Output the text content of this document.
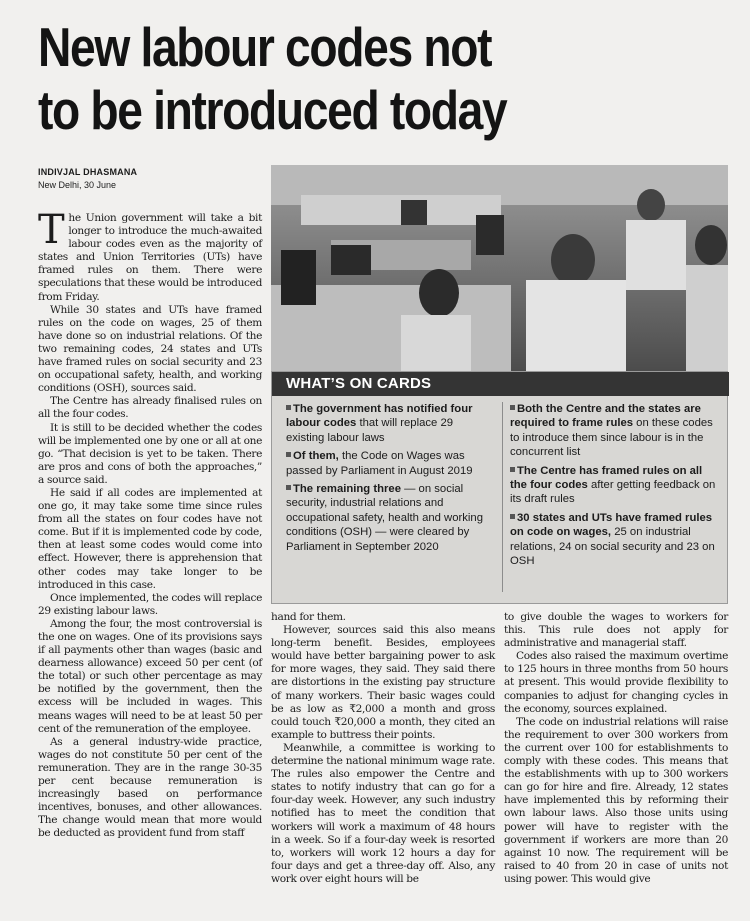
New labour codes not
to be introduced today
INDIVJAL DHASMANA
New Delhi, 30 June

The Union government will take a bit longer to introduce the much-awaited labour codes even as the majority of states and Union Territories (UTs) have framed rules on them. There were speculations that these would be introduced from Friday.

While 30 states and UTs have framed rules on the code on wages, 25 of them have done so on industrial relations. Of the two remaining codes, 24 states and UTs have framed rules on social security and 23 on occupational safety, health, and working conditions (OSH), sources said.

The Centre has already finalised rules on all the four codes.

It is still to be decided whether the codes will be implemented one by one or all at one go. “That decision is yet to be taken. There are pros and cons of both the approaches,” a source said.

He said if all codes are implemented at one go, it may take some time since rules from all the states on four codes have not come. But if it is implemented code by code, then at least some codes would come into effect. However, there is apprehension that other codes may take longer to be introduced in this case.

Once implemented, the codes will replace 29 existing labour laws.

Among the four, the most controversial is the one on wages. One of its provisions says if all payments other than wages (basic and dearness allowance) exceed 50 per cent (of the total) or such other percentage as may be notified by the government, then the excess will be included in wages. This means wages will need to be at least 50 per cent of the remuneration of the employee.

As a general industry-wide practice, wages do not constitute 50 per cent of the remuneration. They are in the range 30-35 per cent because remuneration is increasingly based on performance incentives, bonuses, and other allowances. The change would mean that more would be deducted as provident fund from staff

WHAT’S ON CARDS
The government has notified four labour codes that will replace 29 existing labour laws
Of them, the Code on Wages was passed by Parliament in August 2019
The remaining three — on social security, industrial relations and occupational safety, health and working conditions (OSH) — were cleared by Parliament in September 2020
Both the Centre and the states are required to frame rules on these codes to introduce them since labour is in the concurrent list
The Centre has framed rules on all the four codes after getting feedback on its draft rules
30 states and UTs have framed rules on code on wages, 25 on industrial relations, 24 on social security and 23 on OSH

hand for them.

However, sources said this also means long-term benefit. Besides, employees would have better bargaining power to ask for more wages, they said. They said there are distortions in the existing pay structure of many workers. Their basic wages could be as low as ₹2,000 a month and gross could touch ₹20,000 a month, they cited an example to buttress their points.

Meanwhile, a committee is working to determine the national minimum wage rate. The rules also empower the Centre and states to notify industry that can go for a four-day week. However, any such industry notified has to meet the condition that workers will work a maximum of 48 hours in a week. So if a four-day week is resorted to, workers will work 12 hours a day for four days and get a three-day off. Also, any work over eight hours will be

to give double the wages to workers for this. This rule does not apply for administrative and managerial staff.

Codes also raised the maximum overtime to 125 hours in three months from 50 hours at present. This would provide flexibility to companies to adjust for changing cycles in the economy, sources explained.

The code on industrial relations will raise the requirement to over 300 workers from the current over 100 for establishments to comply with these codes. This means that the establishments with up to 300 workers can go for hire and fire. Already, 12 states have implemented this by reforming their own labour laws. Also those units using power will have to register with the government if workers are more than 20 against 10 now. The requirement will be raised to 40 from 20 in case of units not using power. This would give
